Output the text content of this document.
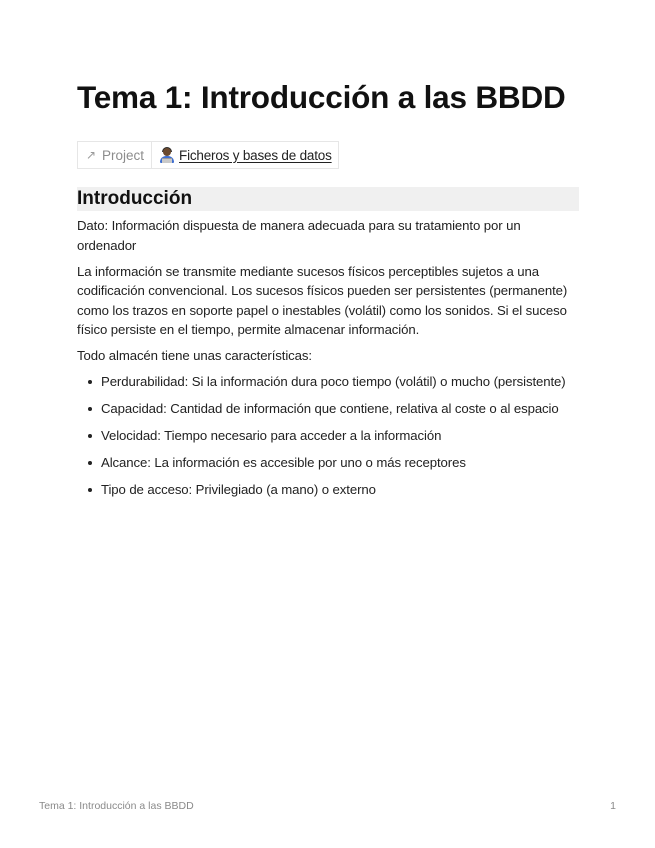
Tema 1: Introducción a las BBDD
↗ Project	Ficheros y bases de datos
Introducción

Dato: Información dispuesta de manera adecuada para su tratamiento por un ordenador

La información se transmite mediante sucesos físicos perceptibles sujetos a una codificación convencional. Los sucesos físicos pueden ser persistentes (permanente) como los trazos en soporte papel o inestables (volátil) como los sonidos. Si el suceso físico persiste en el tiempo, permite almacenar información.

Todo almacén tiene unas características:

Perdurabilidad: Si la información dura poco tiempo (volátil) o mucho (persistente)
Capacidad: Cantidad de información que contiene, relativa al coste o al espacio
Velocidad: Tiempo necesario para acceder a la información
Alcance: La información es accesible por uno o más receptores
Tipo de acceso: Privilegiado (a mano) o externo
Tema 1: Introducción a las BBDD	1
